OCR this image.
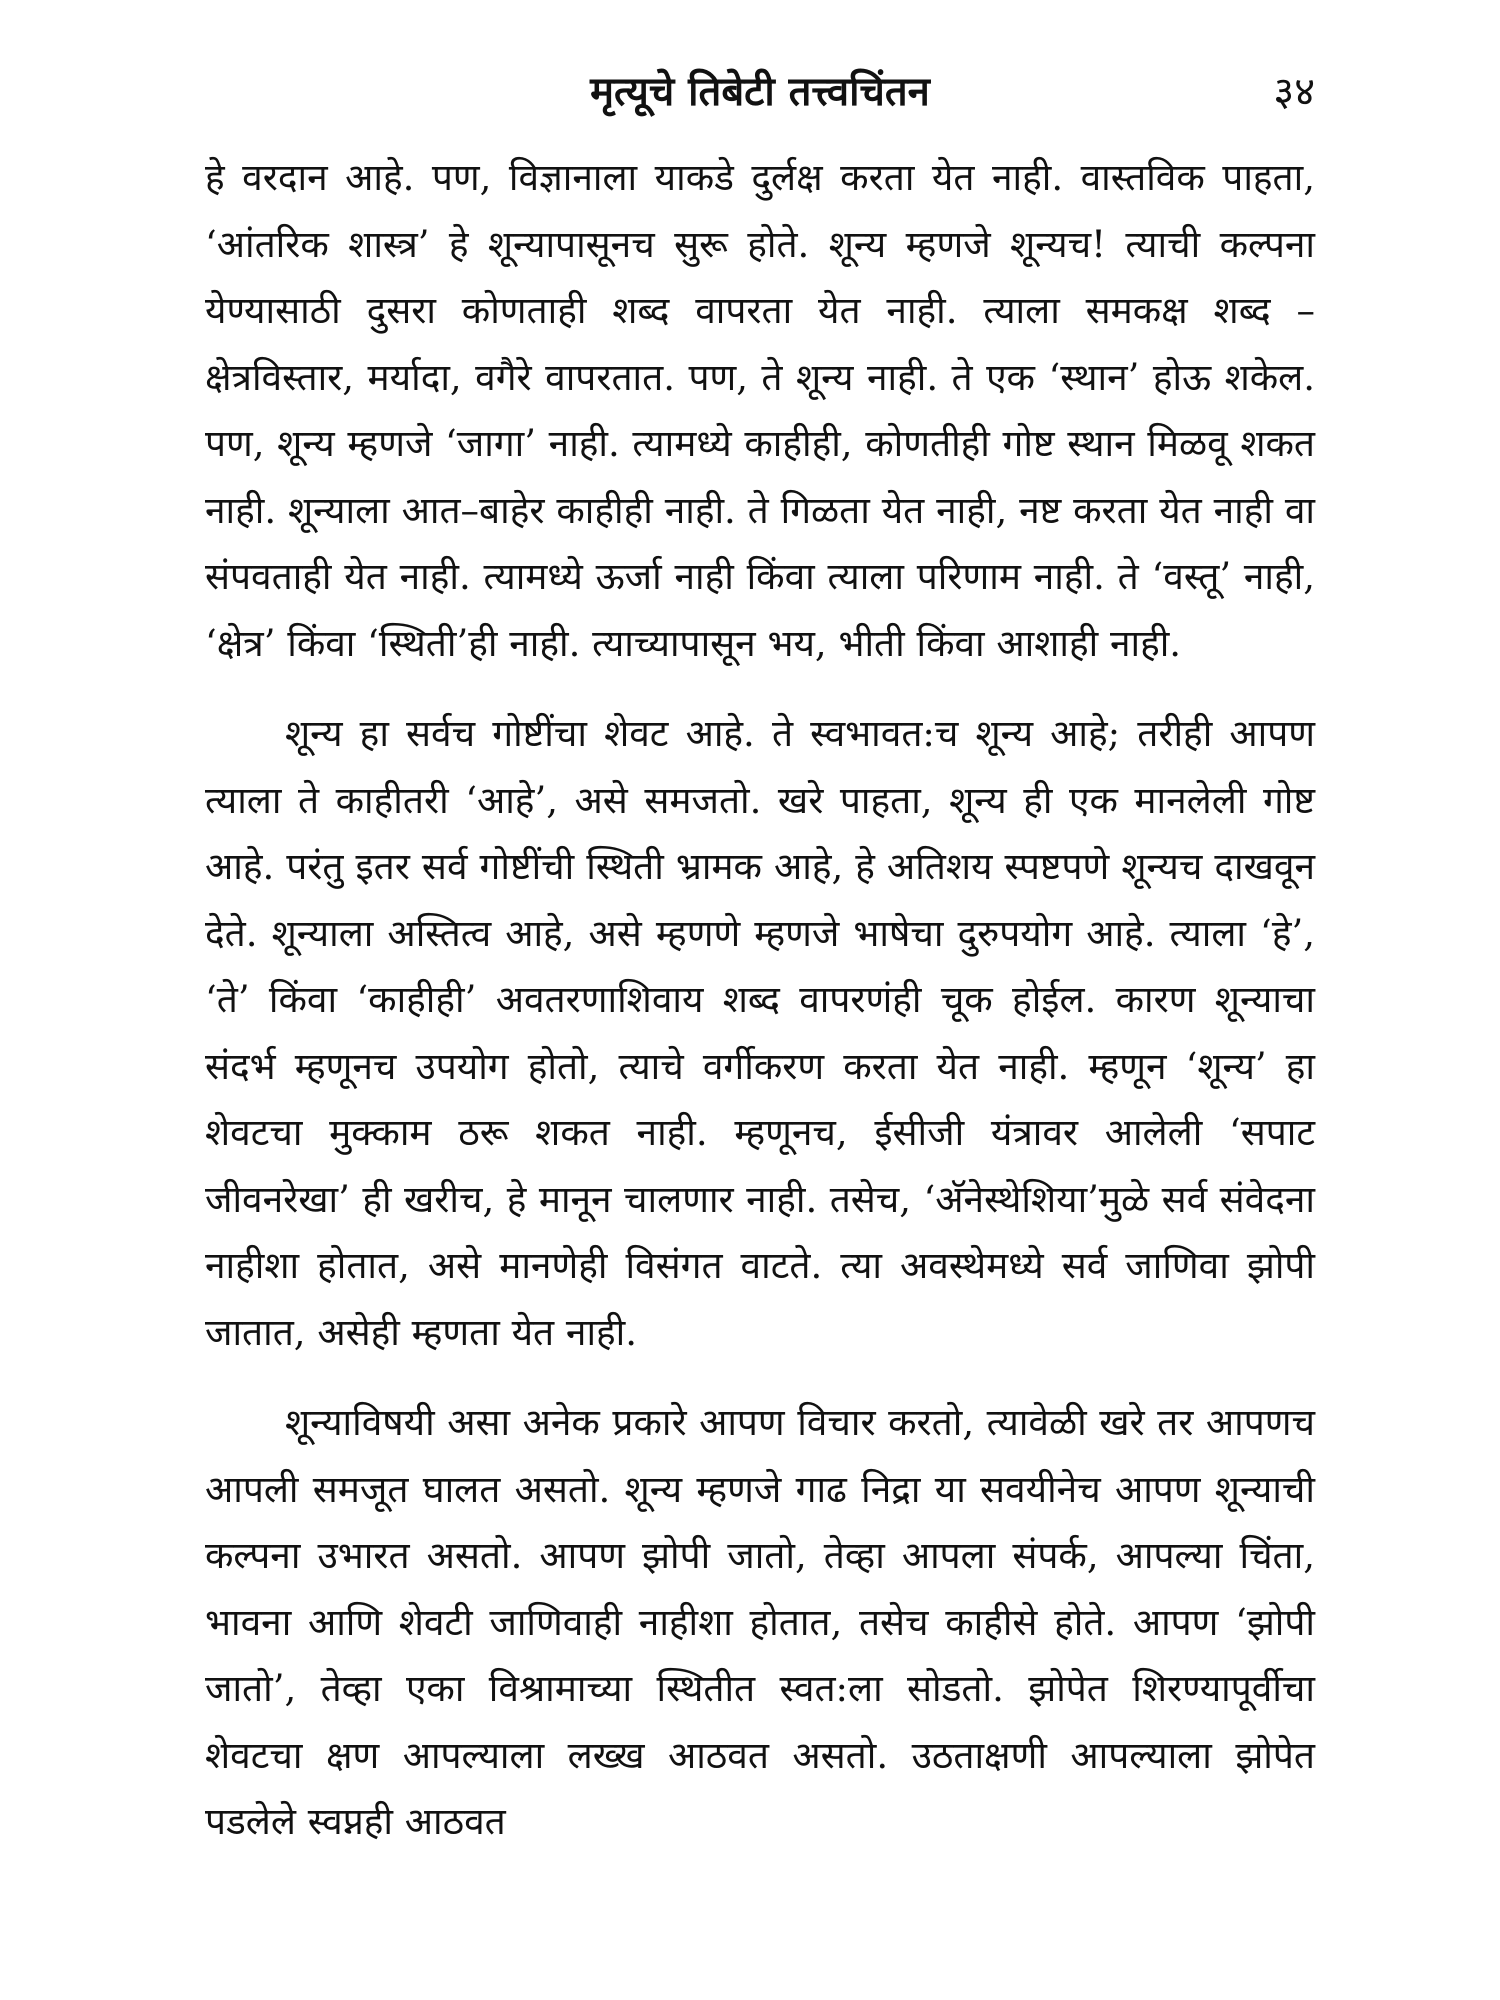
मृत्यूचे तिबेटी तत्त्वचिंतन	३४

हे वरदान आहे. पण, विज्ञानाला याकडे दुर्लक्ष करता येत नाही. वास्तविक पाहता, ‘आंतरिक शास्त्र’ हे शून्यापासूनच सुरू होते. शून्य म्हणजे शून्यच! त्याची कल्पना येण्यासाठी दुसरा कोणताही शब्द वापरता येत नाही. त्याला समकक्ष शब्द – क्षेत्रविस्तार, मर्यादा, वगैरे वापरतात. पण, ते शून्य नाही. ते एक ‘स्थान’ होऊ शकेल. पण, शून्य म्हणजे ‘जागा’ नाही. त्यामध्ये काहीही, कोणतीही गोष्ट स्थान मिळवू शकत नाही. शून्याला आत–बाहेर काहीही नाही. ते गिळता येत नाही, नष्ट करता येत नाही वा संपवताही येत नाही. त्यामध्ये ऊर्जा नाही किंवा त्याला परिणाम नाही. ते ‘वस्तू’ नाही, ‘क्षेत्र’ किंवा ‘स्थिती’ही नाही. त्याच्यापासून भय, भीती किंवा आशाही नाही.

शून्य हा सर्वच गोष्टींचा शेवट आहे. ते स्वभावत:च शून्य आहे; तरीही आपण त्याला ते काहीतरी ‘आहे’, असे समजतो. खरे पाहता, शून्य ही एक मानलेली गोष्ट आहे. परंतु इतर सर्व गोष्टींची स्थिती भ्रामक आहे, हे अतिशय स्पष्टपणे शून्यच दाखवून देते. शून्याला अस्तित्व आहे, असे म्हणणे म्हणजे भाषेचा दुरुपयोग आहे. त्याला ‘हे’, ‘ते’ किंवा ‘काहीही’ अवतरणाशिवाय शब्द वापरणंही चूक होईल. कारण शून्याचा संदर्भ म्हणूनच उपयोग होतो, त्याचे वर्गीकरण करता येत नाही. म्हणून ‘शून्य’ हा शेवटचा मुक्काम ठरू शकत नाही. म्हणूनच, ईसीजी यंत्रावर आलेली ‘सपाट जीवनरेखा’ ही खरीच, हे मानून चालणार नाही. तसेच, ‘अ‍ॅनेस्थेशिया’मुळे सर्व संवेदना नाहीशा होतात, असे मानणेही विसंगत वाटते. त्या अवस्थेमध्ये सर्व जाणिवा झोपी जातात, असेही म्हणता येत नाही.

शून्याविषयी असा अनेक प्रकारे आपण विचार करतो, त्यावेळी खरे तर आपणच आपली समजूत घालत असतो. शून्य म्हणजे गाढ निद्रा या सवयीनेच आपण शून्याची कल्पना उभारत असतो. आपण झोपी जातो, तेव्हा आपला संपर्क, आपल्या चिंता, भावना आणि शेवटी जाणिवाही नाहीशा होतात, तसेच काहीसे होते. आपण ‘झोपी जातो’, तेव्हा एका विश्रामाच्या स्थितीत स्वत:ला सोडतो. झोपेत शिरण्यापूर्वीचा शेवटचा क्षण आपल्याला लख्ख आठवत असतो. उठताक्षणी आपल्याला झोपेत पडलेले स्वप्नही आठवत
